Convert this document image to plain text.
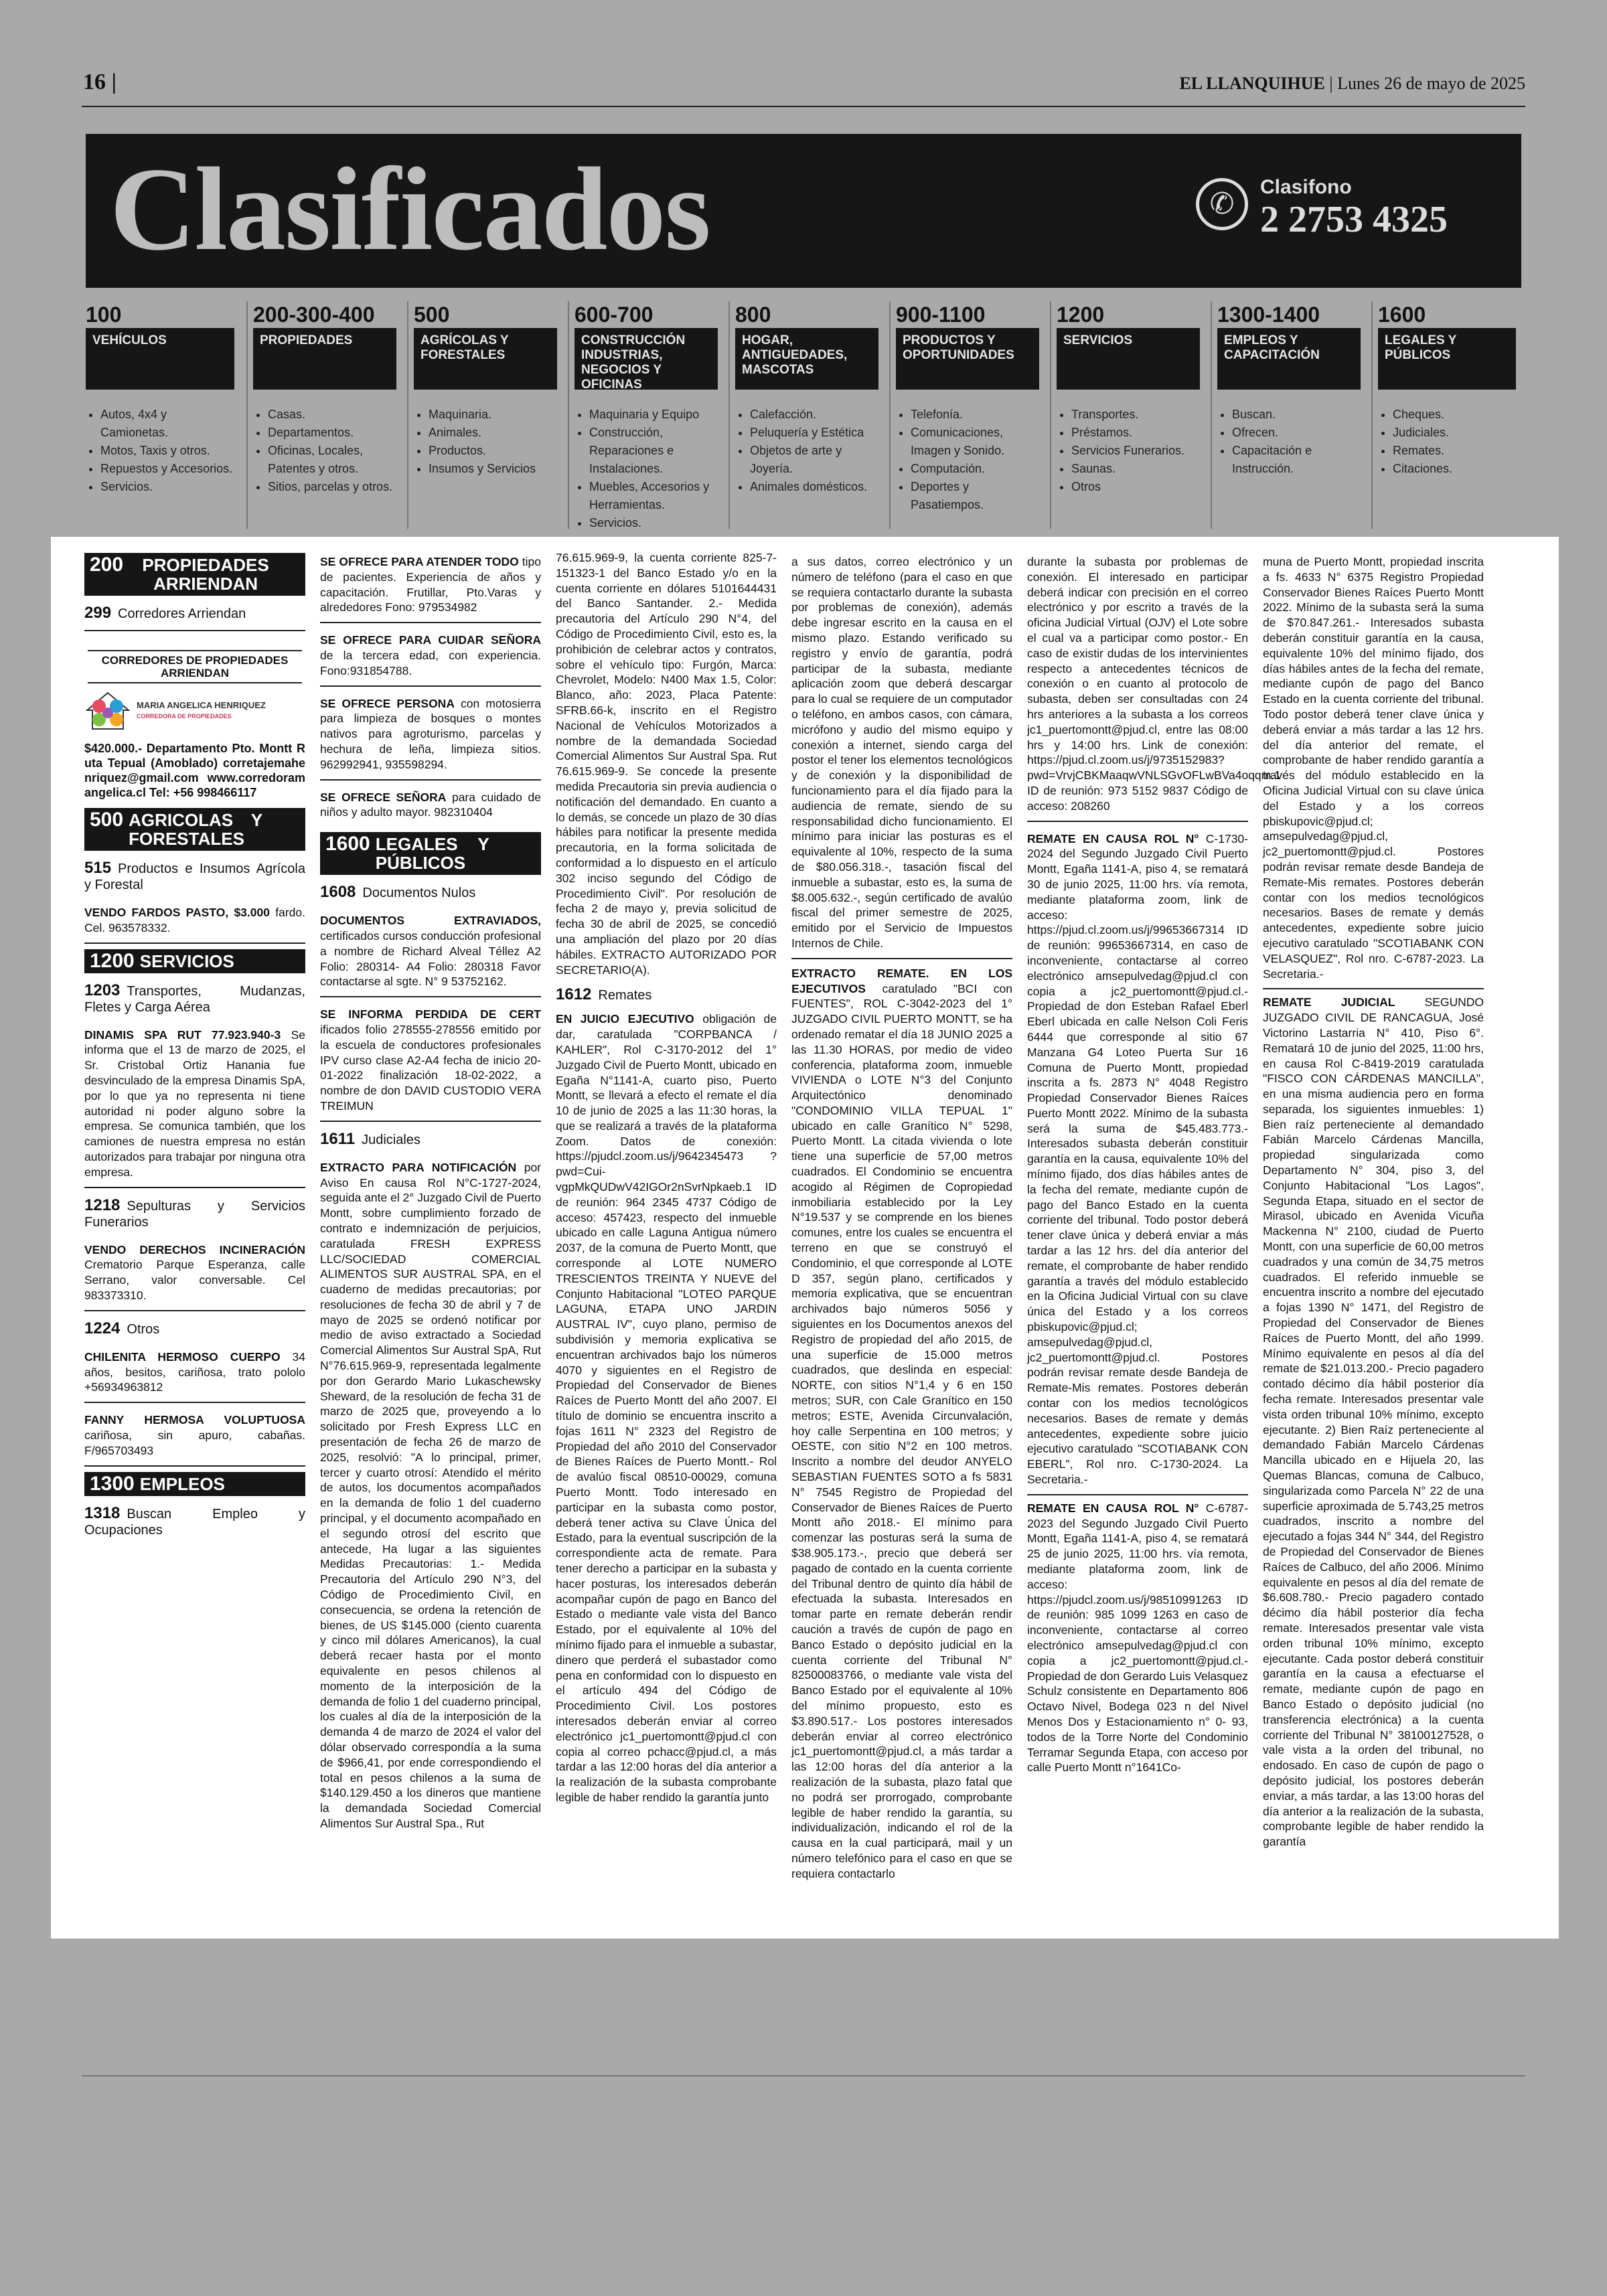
16 |	EL LLANQUIHUE | Lunes 26 de mayo de 2025
Clasificados	✆	Clasifono
2 2753 4325
100
VEHÍCULOS
• Autos, 4x4 y Camionetas.
• Motos, Taxis y otros.
• Repuestos y Accesorios.
• Servicios.
200-300-400
PROPIEDADES
• Casas.
• Departamentos.
• Oficinas, Locales, Patentes y otros.
• Sitios, parcelas y otros.
500
AGRÍCOLAS Y FORESTALES
• Maquinaria.
• Animales.
• Productos.
• Insumos y Servicios
600-700
CONSTRUCCIÓN INDUSTRIAS, NEGOCIOS Y OFICINAS
• Maquinaria y Equipo
• Construcción, Reparaciones e Instalaciones.
• Muebles, Accesorios y Herramientas.
• Servicios.
800
HOGAR, ANTIGUEDADES, MASCOTAS
• Calefacción.
• Peluquería y Estética
• Objetos de arte y Joyería.
• Animales domésticos.
900-1100
PRODUCTOS Y OPORTUNIDADES
• Telefonía.
• Comunicaciones, Imagen y Sonido.
• Computación.
• Deportes y Pasatiempos.
1200
SERVICIOS
• Transportes.
• Préstamos.
• Servicios Funerarios.
• Saunas.
• Otros
1300-1400
EMPLEOS Y CAPACITACIÓN
• Buscan.
• Ofrecen.
• Capacitación e Instrucción.
1600
LEGALES Y PÚBLICOS
• Cheques.
• Judiciales.
• Remates.
• Citaciones.
200 PROPIEDADES ARRIENDAN
299 Corredores Arriendan
CORREDORES DE PROPIEDADES ARRIENDAN
MARIA ANGELICA HENRIQUEZ
CORREDORA DE PROPIEDADES
$420.000.- Departamento Pto. Montt Ruta Tepual (Amoblado) corretajemahenriquez@gmail.com www.corredoramangelica.cl Tel: +56 998466117
500 AGRICOLAS Y FORESTALES
515 Productos e Insumos Agrícola y Forestal
VENDO FARDOS PASTO, $3.000 fardo. Cel. 963578332.
1200 SERVICIOS
1203 Transportes, Mudanzas, Fletes y Carga Aérea
DINAMIS SPA RUT 77.923.940-3 Se informa que el 13 de marzo de 2025, el Sr. Cristobal Ortiz Hanania fue desvinculado de la empresa Dinamis SpA, por lo que ya no representa ni tiene autoridad ni poder alguno sobre la empresa. Se comunica también, que los camiones de nuestra empresa no están autorizados para trabajar por ninguna otra empresa.
1218 Sepulturas y Servicios Funerarios
VENDO DERECHOS INCINERACIÓN Crematorio Parque Esperanza, calle Serrano, valor conversable. Cel 983373310.
1224 Otros
CHILENITA HERMOSO CUERPO 34 años, besitos, cariñosa, trato pololo +56934963812
FANNY HERMOSA VOLUPTUOSA cariñosa, sin apuro, cabañas. F/965703493
1300 EMPLEOS
1318 Buscan Empleo y Ocupaciones
SE OFRECE PARA ATENDER TODO tipo de pacientes. Experiencia de años y capacitación. Frutillar, Pto.Varas y alrededores Fono: 979534982
SE OFRECE PARA CUIDAR SEÑORA de la tercera edad, con experiencia. Fono:931854788.
SE OFRECE PERSONA con motosierra para limpieza de bosques o montes nativos para agroturismo, parcelas y hechura de leña, limpieza sitios. 962992941, 935598294.
SE OFRECE SEÑORA para cuidado de niños y adulto mayor. 982310404
1600 LEGALES Y PÚBLICOS
1608 Documentos Nulos
DOCUMENTOS EXTRAVIADOS, certificados cursos conducción profesional a nombre de Richard Alveal Téllez A2 Folio: 280314- A4 Folio: 280318 Favor contactarse al sgte. N° 9 53752162.
SE INFORMA PERDIDA DE CERT ificados folio 278555-278556 emitido por la escuela de conductores profesionales IPV curso clase A2-A4 fecha de inicio 20-01-2022 finalización 18-02-2022, a nombre de don DAVID CUSTODIO VERA TREIMUN
1611 Judiciales
EXTRACTO PARA NOTIFICACIÓN por Aviso En causa Rol N°C-1727-2024, seguida ante el 2° Juzgado Civil de Puerto Montt, sobre cumplimiento forzado de contrato e indemnización de perjuicios, caratulada FRESH EXPRESS LLC/SOCIEDAD COMERCIAL ALIMENTOS SUR AUSTRAL SPA, en el cuaderno de medidas precautorias; por resoluciones de fecha 30 de abril y 7 de mayo de 2025 se ordenó notificar por medio de aviso extractado a Sociedad Comercial Alimentos Sur Austral SpA, Rut N°76.615.969-9, representada legalmente por don Gerardo Mario Lukaschewsky Sheward, de la resolución de fecha 31 de marzo de 2025 que, proveyendo a lo solicitado por Fresh Express LLC en presentación de fecha 26 de marzo de 2025, resolvió: "A lo principal, primer, tercer y cuarto otrosí: Atendido el mérito de autos, los documentos acompañados en la demanda de folio 1 del cuaderno principal, y el documento acompañado en el segundo otrosí del escrito que antecede, Ha lugar a las siguientes Medidas Precautorias: 1.- Medida Precautoria del Artículo 290 N°3, del Código de Procedimiento Civil, en consecuencia, se ordena la retención de bienes, de US $145.000 (ciento cuarenta y cinco mil dólares Americanos), la cual deberá recaer hasta por el monto equivalente en pesos chilenos al momento de la interposición de la demanda de folio 1 del cuaderno principal, los cuales al día de la interposición de la demanda 4 de marzo de 2024 el valor del dólar observado correspondía a la suma de $966,41, por ende correspondiendo el total en pesos chilenos a la suma de $140.129.450 a los dineros que mantiene la demandada Sociedad Comercial Alimentos Sur Austral Spa., Rut
76.615.969-9, la cuenta corriente 825-7-151323-1 del Banco Estado y/o en la cuenta corriente en dólares 5101644431 del Banco Santander. 2.- Medida precautoria del Artículo 290 N°4, del Código de Procedimiento Civil, esto es, la prohibición de celebrar actos y contratos, sobre el vehículo tipo: Furgón, Marca: Chevrolet, Modelo: N400 Max 1.5, Color: Blanco, año: 2023, Placa Patente: SFRB.66-k, inscrito en el Registro Nacional de Vehículos Motorizados a nombre de la demandada Sociedad Comercial Alimentos Sur Austral Spa. Rut 76.615.969-9. Se concede la presente medida Precautoria sin previa audiencia o notificación del demandado. En cuanto a lo demás, se concede un plazo de 30 días hábiles para notificar la presente medida precautoria, en la forma solicitada de conformidad a lo dispuesto en el artículo 302 inciso segundo del Código de Procedimiento Civil". Por resolución de fecha 2 de mayo y, previa solicitud de fecha 30 de abril de 2025, se concedió una ampliación del plazo por 20 días hábiles. EXTRACTO AUTORIZADO POR SECRETARIO(A).
1612 Remates
EN JUICIO EJECUTIVO obligación de dar, caratulada "CORPBANCA / KAHLER", Rol C-3170-2012 del 1° Juzgado Civil de Puerto Montt, ubicado en Egaña N°1141-A, cuarto piso, Puerto Montt, se llevará a efecto el remate el día 10 de junio de 2025 a las 11:30 horas, la que se realizará a través de la plataforma Zoom. Datos de conexión: https://pjudcl.zoom.us/j/9642345473 ?pwd=Cui-vgpMkQUDwV42IGOr2nSvrNpkaeb.1 ID de reunión: 964 2345 4737 Código de acceso: 457423, respecto del inmueble ubicado en calle Laguna Antigua número 2037, de la comuna de Puerto Montt, que corresponde al LOTE NUMERO TRESCIENTOS TREINTA Y NUEVE del Conjunto Habitacional "LOTEO PARQUE LAGUNA, ETAPA UNO JARDIN AUSTRAL IV", cuyo plano, permiso de subdivisión y memoria explicativa se encuentran archivados bajo los números 4070 y siguientes en el Registro de Propiedad del Conservador de Bienes Raíces de Puerto Montt del año 2007. El título de dominio se encuentra inscrito a fojas 1611 N° 2323 del Registro de Propiedad del año 2010 del Conservador de Bienes Raíces de Puerto Montt.- Rol de avalúo fiscal 08510-00029, comuna Puerto Montt. Todo interesado en participar en la subasta como postor, deberá tener activa su Clave Única del Estado, para la eventual suscripción de la correspondiente acta de remate. Para tener derecho a participar en la subasta y hacer posturas, los interesados deberán acompañar cupón de pago en Banco del Estado o mediante vale vista del Banco Estado, por el equivalente al 10% del mínimo fijado para el inmueble a subastar, dinero que perderá el subastador como pena en conformidad con lo dispuesto en el artículo 494 del Código de Procedimiento Civil. Los postores interesados deberán enviar al correo electrónico jc1_puertomontt@pjud.cl con copia al correo pchacc@pjud.cl, a más tardar a las 12:00 horas del día anterior a la realización de la subasta comprobante legible de haber rendido la garantía junto
a sus datos, correo electrónico y un número de teléfono (para el caso en que se requiera contactarlo durante la subasta por problemas de conexión), además debe ingresar escrito en la causa en el mismo plazo. Estando verificado su registro y envío de garantía, podrá participar de la subasta, mediante aplicación zoom que deberá descargar para lo cual se requiere de un computador o teléfono, en ambos casos, con cámara, micrófono y audio del mismo equipo y conexión a internet, siendo carga del postor el tener los elementos tecnológicos y de conexión y la disponibilidad de funcionamiento para el día fijado para la audiencia de remate, siendo de su responsabilidad dicho funcionamiento. El mínimo para iniciar las posturas es el equivalente al 10%, respecto de la suma de $80.056.318.-, tasación fiscal del inmueble a subastar, esto es, la suma de $8.005.632.-, según certificado de avalúo fiscal del primer semestre de 2025, emitido por el Servicio de Impuestos Internos de Chile.
EXTRACTO REMATE. EN LOS EJECUTIVOS caratulado "BCI con FUENTES", ROL C-3042-2023 del 1° JUZGADO CIVIL PUERTO MONTT, se ha ordenado rematar el día 18 JUNIO 2025 a las 11.30 HORAS, por medio de video conferencia, plataforma zoom, inmueble VIVIENDA o LOTE N°3 del Conjunto Arquitectónico denominado "CONDOMINIO VILLA TEPUAL 1" ubicado en calle Granítico N° 5298, Puerto Montt. La citada vivienda o lote tiene una superficie de 57,00 metros cuadrados. El Condominio se encuentra acogido al Régimen de Copropiedad inmobiliaria establecido por la Ley N°19.537 y se comprende en los bienes comunes, entre los cuales se encuentra el terreno en que se construyó el Condominio, el que corresponde al LOTE D 357, según plano, certificados y memoria explicativa, que se encuentran archivados bajo números 5056 y siguientes en los Documentos anexos del Registro de propiedad del año 2015, de una superficie de 15.000 metros cuadrados, que deslinda en especial: NORTE, con sitios N°1,4 y 6 en 150 metros; SUR, con Cale Granítico en 150 metros; ESTE, Avenida Circunvalación, hoy calle Serpentina en 100 metros; y OESTE, con sitio N°2 en 100 metros. Inscrito a nombre del deudor ANYELO SEBASTIAN FUENTES SOTO a fs 5831 N° 7545 Registro de Propiedad del Conservador de Bienes Raíces de Puerto Montt año 2018.- El mínimo para comenzar las posturas será la suma de $38.905.173.-, precio que deberá ser pagado de contado en la cuenta corriente del Tribunal dentro de quinto día hábil de efectuada la subasta. Interesados en tomar parte en remate deberán rendir caución a través de cupón de pago en Banco Estado o depósito judicial en la cuenta corriente del Tribunal N° 82500083766, o mediante vale vista del Banco Estado por el equivalente al 10% del mínimo propuesto, esto es $3.890.517.- Los postores interesados deberán enviar al correo electrónico jc1_puertomontt@pjud.cl, a más tardar a las 12:00 horas del día anterior a la realización de la subasta, plazo fatal que no podrá ser prorrogado, comprobante legible de haber rendido la garantía, su individualización, indicando el rol de la causa en la cual participará, mail y un número telefónico para el caso en que se requiera contactarlo
durante la subasta por problemas de conexión. El interesado en participar deberá indicar con precisión en el correo electrónico y por escrito a través de la oficina Judicial Virtual (OJV) el Lote sobre el cual va a participar como postor.- En caso de existir dudas de los intervinientes respecto a antecedentes técnicos de conexión o en cuanto al protocolo de subasta, deben ser consultadas con 24 hrs anteriores a la subasta a los correos jc1_puertomontt@pjud.cl, entre las 08:00 hrs y 14:00 hrs. Link de conexión: https://pjud.cl.zoom.us/j/9735152983?pwd=VrvjCBKMaaqwVNLSGvOFLwBVa4oqqm.1 ID de reunión: 973 5152 9837 Código de acceso: 208260
REMATE EN CAUSA ROL N° C-1730-2024 del Segundo Juzgado Civil Puerto Montt, Egaña 1141-A, piso 4, se rematará 30 de junio 2025, 11:00 hrs. vía remota, mediante plataforma zoom, link de acceso: https://pjud.cl.zoom.us/j/99653667314 ID de reunión: 99653667314, en caso de inconveniente, contactarse al correo electrónico amsepulvedag@pjud.cl con copia a jc2_puertomontt@pjud.cl.- Propiedad de don Esteban Rafael Eberl Eberl ubicada en calle Nelson Coli Feris 6444 que corresponde al sitio 67 Manzana G4 Loteo Puerta Sur 16 Comuna de Puerto Montt, propiedad inscrita a fs. 2873 N° 4048 Registro Propiedad Conservador Bienes Raíces Puerto Montt 2022. Mínimo de la subasta será la suma de $45.483.773.- Interesados subasta deberán constituir garantía en la causa, equivalente 10% del mínimo fijado, dos días hábiles antes de la fecha del remate, mediante cupón de pago del Banco Estado en la cuenta corriente del tribunal. Todo postor deberá tener clave única y deberá enviar a más tardar a las 12 hrs. del día anterior del remate, el comprobante de haber rendido garantía a través del módulo establecido en la Oficina Judicial Virtual con su clave única del Estado y a los correos pbiskupovic@pjud.cl; amsepulvedag@pjud.cl, jc2_puertomontt@pjud.cl. Postores podrán revisar remate desde Bandeja de Remate-Mis remates. Postores deberán contar con los medios tecnológicos necesarios. Bases de remate y demás antecedentes, expediente sobre juicio ejecutivo caratulado "SCOTIABANK CON EBERL", Rol nro. C-1730-2024. La Secretaria.-
REMATE EN CAUSA ROL N° C-6787-2023 del Segundo Juzgado Civil Puerto Montt, Egaña 1141-A, piso 4, se rematará 25 de junio 2025, 11:00 hrs. vía remota, mediante plataforma zoom, link de acceso: https://pjudcl.zoom.us/j/98510991263 ID de reunión: 985 1099 1263 en caso de inconveniente, contactarse al correo electrónico amsepulvedag@pjud.cl con copia a jc2_puertomontt@pjud.cl.- Propiedad de don Gerardo Luis Velasquez Schulz consistente en Departamento 806 Octavo Nivel, Bodega 023 n del Nivel Menos Dos y Estacionamiento n° 0- 93, todos de la Torre Norte del Condominio Terramar Segunda Etapa, con acceso por calle Puerto Montt n°1641Co-
muna de Puerto Montt, propiedad inscrita a fs. 4633 N° 6375 Registro Propiedad Conservador Bienes Raíces Puerto Montt 2022. Mínimo de la subasta será la suma de $70.847.261.- Interesados subasta deberán constituir garantía en la causa, equivalente 10% del mínimo fijado, dos días hábiles antes de la fecha del remate, mediante cupón de pago del Banco Estado en la cuenta corriente del tribunal. Todo postor deberá tener clave única y deberá enviar a más tardar a las 12 hrs. del día anterior del remate, el comprobante de haber rendido garantía a través del módulo establecido en la Oficina Judicial Virtual con su clave única del Estado y a los correos pbiskupovic@pjud.cl; amsepulvedag@pjud.cl, jc2_puertomontt@pjud.cl. Postores podrán revisar remate desde Bandeja de Remate-Mis remates. Postores deberán contar con los medios tecnológicos necesarios. Bases de remate y demás antecedentes, expediente sobre juicio ejecutivo caratulado "SCOTIABANK CON VELASQUEZ", Rol nro. C-6787-2023. La Secretaria.-
REMATE JUDICIAL SEGUNDO JUZGADO CIVIL DE RANCAGUA, José Victorino Lastarria N° 410, Piso 6°. Rematará 10 de junio del 2025, 11:00 hrs, en causa Rol C-8419-2019 caratulada "FISCO CON CÁRDENAS MANCILLA", en una misma audiencia pero en forma separada, los siguientes inmuebles: 1) Bien raíz perteneciente al demandado Fabián Marcelo Cárdenas Mancilla, propiedad singularizada como Departamento N° 304, piso 3, del Conjunto Habitacional "Los Lagos", Segunda Etapa, situado en el sector de Mirasol, ubicado en Avenida Vicuña Mackenna N° 2100, ciudad de Puerto Montt, con una superficie de 60,00 metros cuadrados y una común de 34,75 metros cuadrados. El referido inmueble se encuentra inscrito a nombre del ejecutado a fojas 1390 N° 1471, del Registro de Propiedad del Conservador de Bienes Raíces de Puerto Montt, del año 1999. Mínimo equivalente en pesos al día del remate de $21.013.200.- Precio pagadero contado décimo día hábil posterior día fecha remate. Interesados presentar vale vista orden tribunal 10% mínimo, excepto ejecutante. 2) Bien Raíz perteneciente al demandado Fabián Marcelo Cárdenas Mancilla ubicado en e Hijuela 20, las Quemas Blancas, comuna de Calbuco, singularizada como Parcela N° 22 de una superficie aproximada de 5.743,25 metros cuadrados, inscrito a nombre del ejecutado a fojas 344 N° 344, del Registro de Propiedad del Conservador de Bienes Raíces de Calbuco, del año 2006. Mínimo equivalente en pesos al día del remate de $6.608.780.- Precio pagadero contado décimo día hábil posterior día fecha remate. Interesados presentar vale vista orden tribunal 10% mínimo, excepto ejecutante. Cada postor deberá constituir garantía en la causa a efectuarse el remate, mediante cupón de pago en Banco Estado o depósito judicial (no transferencia electrónica) a la cuenta corriente del Tribunal N° 38100127528, o vale vista a la orden del tribunal, no endosado. En caso de cupón de pago o depósito judicial, los postores deberán enviar, a más tardar, a las 13:00 horas del día anterior a la realización de la subasta, comprobante legible de haber rendido la garantía
